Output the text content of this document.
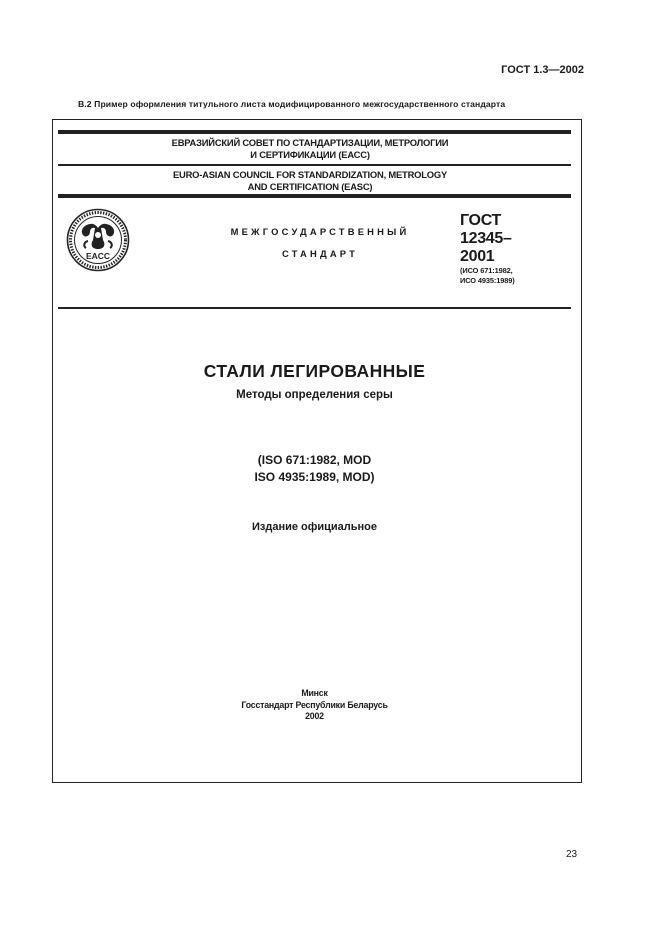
ГОСТ 1.3—2002
В.2 Пример оформления титульного листа модифицированного межгосударственного стандарта
ЕВРАЗИЙСКИЙ СОВЕТ ПО СТАНДАРТИЗАЦИИ, МЕТРОЛОГИИ
И СЕРТИФИКАЦИИ (ЕАСС)
EURO-ASIAN COUNCIL FOR STANDARDIZATION, METROLOGY
AND CERTIFICATION (EASC)
EACC
МЕЖГОСУДАРСТВЕННЫЙ
СТАНДАРТ
ГОСТ
12345–
2001
(ИСО 671:1982,
ИСО 4935:1989)
СТАЛИ ЛЕГИРОВАННЫЕ
Методы определения серы
(ISO 671:1982, MOD
ISO 4935:1989, MOD)
Издание официальное
Минск
Госстандарт Республики Беларусь
2002
23
